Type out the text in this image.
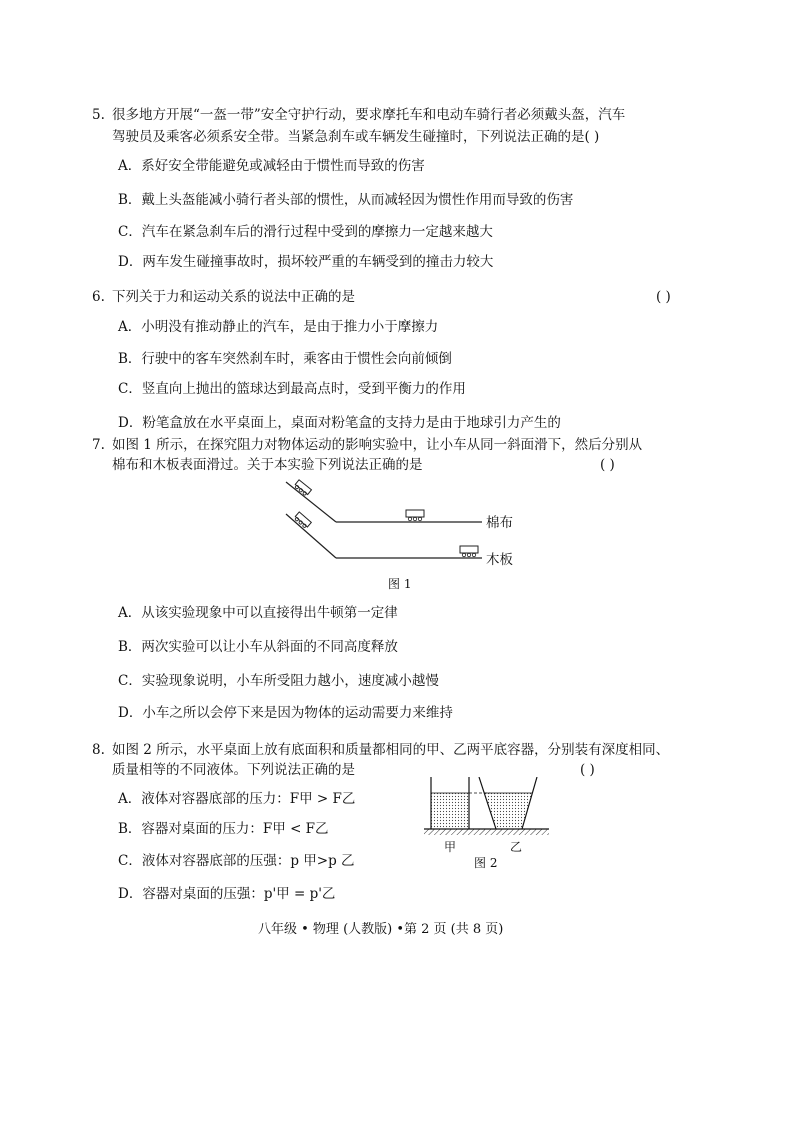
5. 很多地方开展“一盔一带”安全守护行动，要求摩托车和电动车骑行者必须戴头盔，汽车
驾驶员及乘客必须系安全带。当紧急刹车或车辆发生碰撞时，下列说法正确的是( )
A．系好安全带能避免或减轻由于惯性而导致的伤害
B．戴上头盔能减小骑行者头部的惯性，从而减轻因为惯性作用而导致的伤害
C．汽车在紧急刹车后的滑行过程中受到的摩擦力一定越来越大
D．两车发生碰撞事故时，损坏较严重的车辆受到的撞击力较大
6. 下列关于力和运动关系的说法中正确的是	( )
A．小明没有推动静止的汽车，是由于推力小于摩擦力
B．行驶中的客车突然刹车时，乘客由于惯性会向前倾倒
C．竖直向上抛出的篮球达到最高点时，受到平衡力的作用
D．粉笔盒放在水平桌面上，桌面对粉笔盒的支持力是由于地球引力产生的
7. 如图 1 所示，在探究阻力对物体运动的影响实验中，让小车从同一斜面滑下，然后分别从
棉布和木板表面滑过。关于本实验下列说法正确的是	( )
棉布
木板
图 1
A．从该实验现象中可以直接得出牛顿第一定律
B．两次实验可以让小车从斜面的不同高度释放
C．实验现象说明，小车所受阻力越小，速度减小越慢
D．小车之所以会停下来是因为物体的运动需要力来维持
8. 如图 2 所示，水平桌面上放有底面积和质量都相同的甲、乙两平底容器，分别装有深度相同、
质量相等的不同液体。下列说法正确的是	( )
A．液体对容器底部的压力：F甲 > F乙
B．容器对桌面的压力：F甲 < F乙
C．液体对容器底部的压强：p 甲>p 乙
D．容器对桌面的压强：p'甲 = p'乙
甲	乙
图 2
八年级 • 物理 (人教版) •第 2 页 (共 8 页)
